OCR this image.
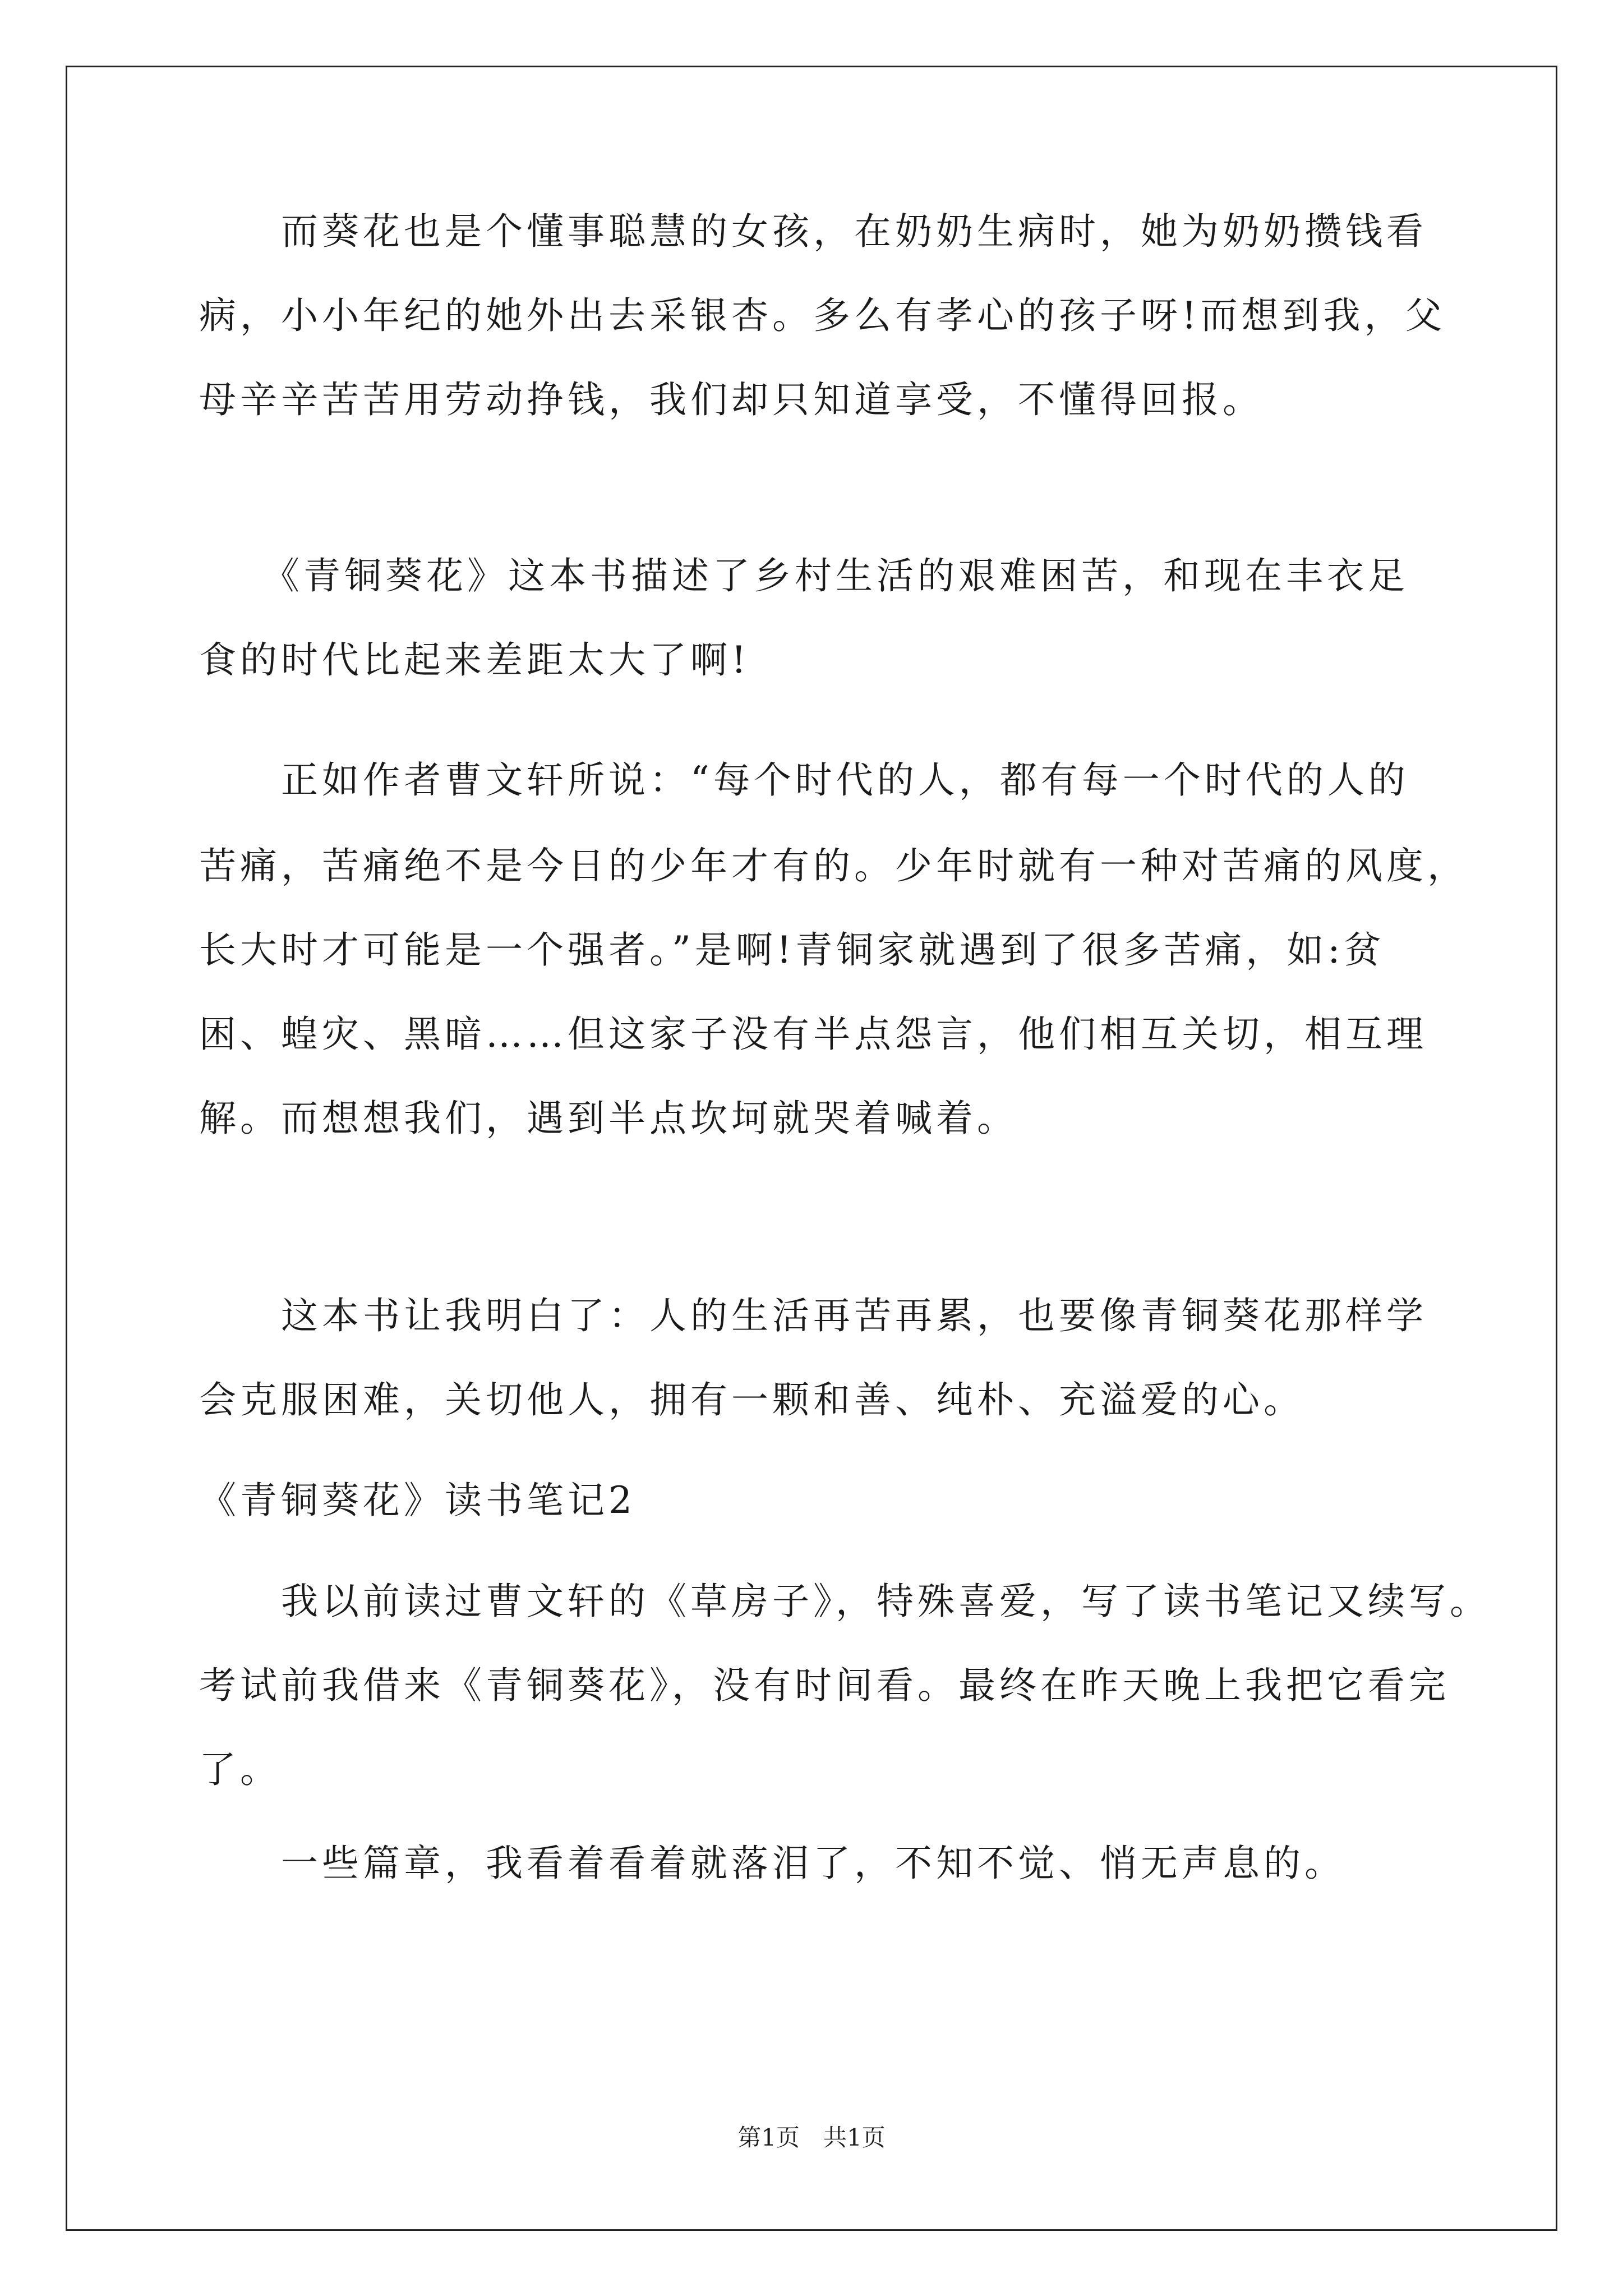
　　而葵花也是个懂事聪慧的女孩，在奶奶生病时，她为奶奶攒钱看
病，小小年纪的她外出去采银杏。多么有孝心的孩子呀!而想到我，父
母辛辛苦苦用劳动挣钱，我们却只知道享受，不懂得回报。
　　《青铜葵花》这本书描述了乡村生活的艰难困苦，和现在丰衣足
食的时代比起来差距太大了啊!
　　正如作者曹文轩所说：“每个时代的人，都有每一个时代的人的
苦痛，苦痛绝不是今日的少年才有的。少年时就有一种对苦痛的风度，
长大时才可能是一个强者。”是啊!青铜家就遇到了很多苦痛，如:贫
困、蝗灾、黑暗……但这家子没有半点怨言，他们相互关切，相互理
解。而想想我们，遇到半点坎坷就哭着喊着。
　　这本书让我明白了：人的生活再苦再累，也要像青铜葵花那样学
会克服困难，关切他人，拥有一颗和善、纯朴、充溢爱的心。
《青铜葵花》读书笔记2
　　我以前读过曹文轩的《草房子》，特殊喜爱，写了读书笔记又续写。
考试前我借来《青铜葵花》，没有时间看。最终在昨天晚上我把它看完
了。
　　一些篇章，我看着看着就落泪了，不知不觉、悄无声息的。
第1页　共1页
